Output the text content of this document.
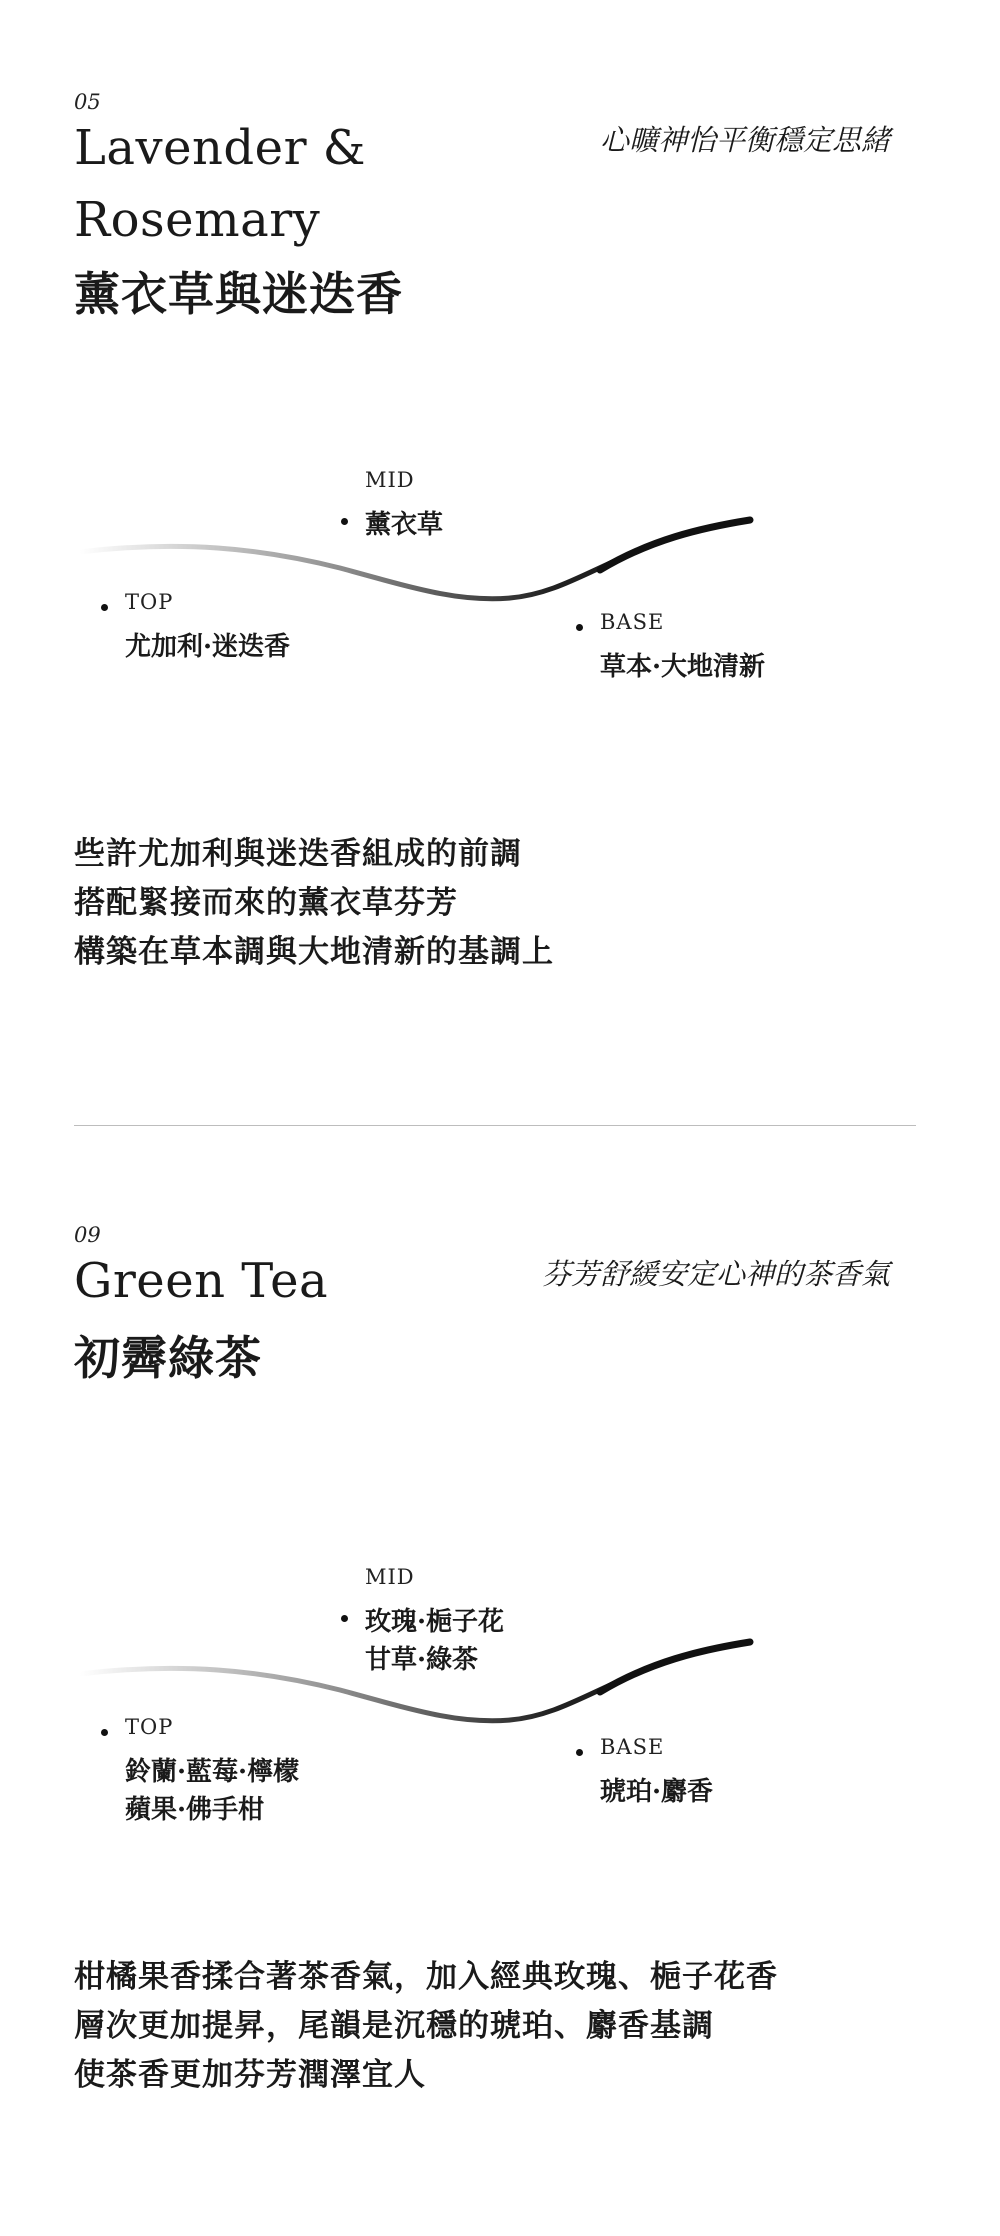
05
Lavender &
Rosemary
薰衣草與迷迭香
心曠神怡平衡穩定思緒
MID
薰衣草
TOP
尤加利·迷迭香
BASE
草本·大地清新
些許尤加利與迷迭香組成的前調
搭配緊接而來的薰衣草芬芳
構築在草本調與大地清新的基調上
09
Green Tea
初霽綠茶
芬芳舒緩安定心神的茶香氣
MID
玫瑰·梔子花
甘草·綠茶
TOP
鈴蘭·藍莓·檸檬
蘋果·佛手柑
BASE
琥珀·麝香
柑橘果香揉合著茶香氣，加入經典玫瑰、梔子花香
層次更加提昇，尾韻是沉穩的琥珀、麝香基調
使茶香更加芬芳潤澤宜人
